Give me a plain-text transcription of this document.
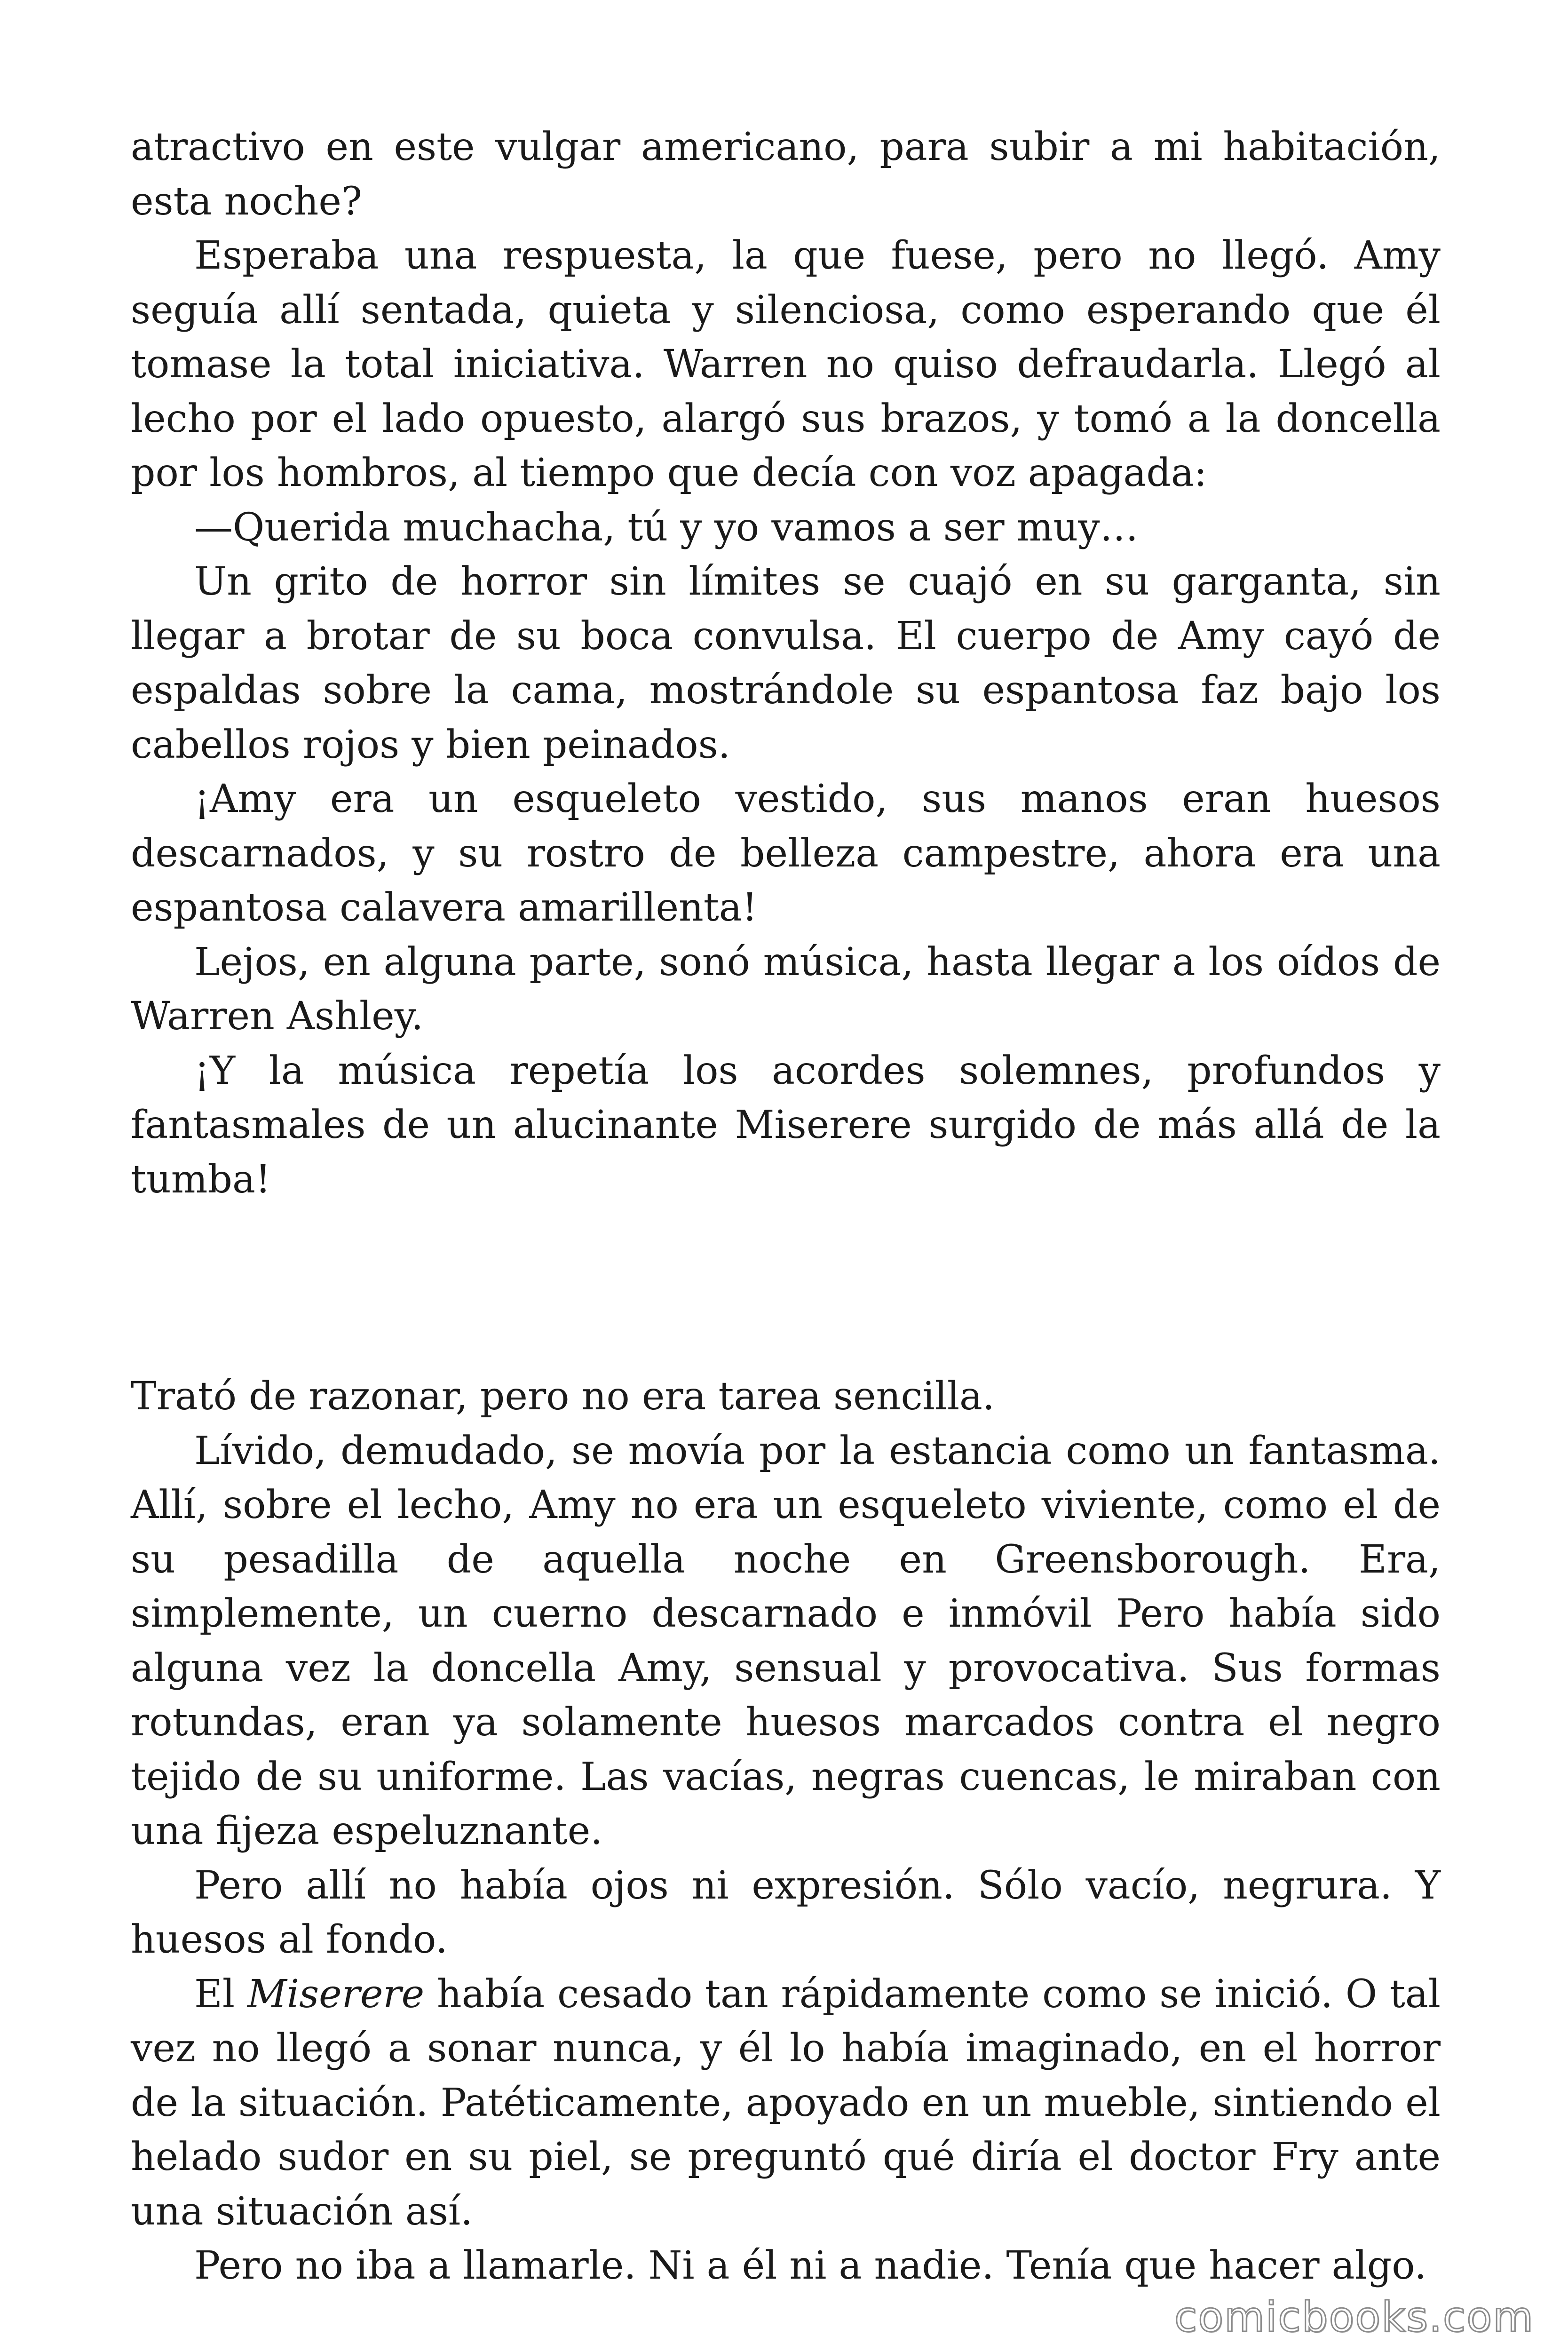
atractivo en este vulgar americano, para subir a mi habitación, esta noche?

Esperaba una respuesta, la que fuese, pero no llegó. Amy seguía allí sentada, quieta y silenciosa, como esperando que él tomase la total iniciativa. Warren no quiso defraudarla. Llegó al lecho por el lado opuesto, alargó sus brazos, y tomó a la doncella por los hombros, al tiempo que decía con voz apagada:

—Querida muchacha, tú y yo vamos a ser muy…

Un grito de horror sin límites se cuajó en su garganta, sin llegar a brotar de su boca convulsa. El cuerpo de Amy cayó de espaldas sobre la cama, mostrándole su espantosa faz bajo los cabellos rojos y bien peinados.

¡Amy era un esqueleto vestido, sus manos eran huesos descarnados, y su rostro de belleza campestre, ahora era una espantosa calavera amarillenta!

Lejos, en alguna parte, sonó música, hasta llegar a los oídos de Warren Ashley.

¡Y la música repetía los acordes solemnes, profundos y fantasmales de un alucinante Miserere surgido de más allá de la tumba!

Trató de razonar, pero no era tarea sencilla.

Lívido, demudado, se movía por la estancia como un fantasma. Allí, sobre el lecho, Amy no era un esqueleto viviente, como el de su pesadilla de aquella noche en Greensborough. Era, simplemente, un cuerno descarnado e inmóvil Pero había sido alguna vez la doncella Amy, sensual y provocativa. Sus formas rotundas, eran ya solamente huesos marcados contra el negro tejido de su uniforme. Las vacías, negras cuencas, le miraban con una fijeza espeluznante.

Pero allí no había ojos ni expresión. Sólo vacío, negrura. Y huesos al fondo.

El Miserere había cesado tan rápidamente como se inició. O tal vez no llegó a sonar nunca, y él lo había imaginado, en el horror de la situación. Patéticamente, apoyado en un mueble, sintiendo el helado sudor en su piel, se preguntó qué diría el doctor Fry ante una situación así.

Pero no iba a llamarle. Ni a él ni a nadie. Tenía que hacer algo.

comicbooks.com
